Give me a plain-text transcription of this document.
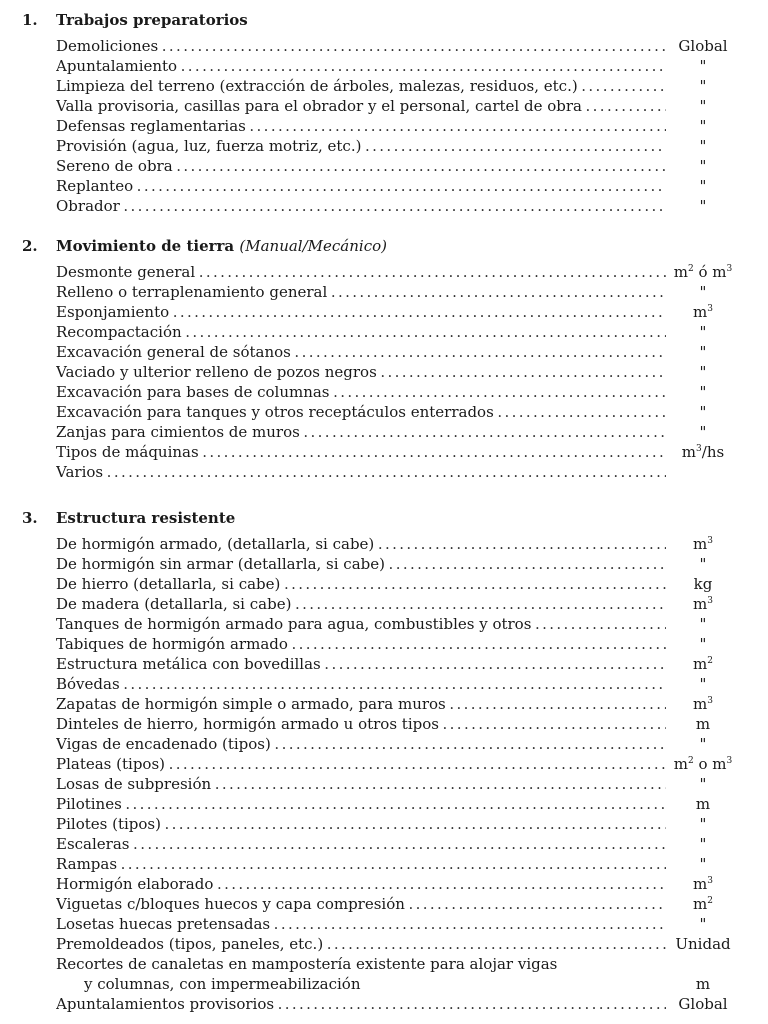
1. Trabajos preparatorios
Demoliciones . . .	Global
Apuntalamiento . . .	"
Limpieza del terreno (extracción de árboles, malezas, residuos, etc.) . . .	"
Valla provisoria, casillas para el obrador y el personal, cartel de obra . . .	"
Defensas reglamentarias . . .	"
Provisión (agua, luz, fuerza motriz, etc.) . . .	"
Sereno de obra . . .	"
Replanteo . . .	"
Obrador . . .	"
2. Movimiento de tierra (Manual/Mecánico)
Desmonte general . . .	$m^2$ ó $m^3$
Relleno o terraplenamiento general . . .	"
Esponjamiento . . .	$m^3$
Recompactación . . .	"
Excavación general de sótanos . . .	"
Vaciado y ulterior relleno de pozos negros . . .	"
Excavación para bases de columnas . . .	"
Excavación para tanques y otros receptáculos enterrados . . .	"
Zanjas para cimientos de muros . . .	"
Tipos de máquinas . . .	$m^3/hs$
Varios . . .
3. Estructura resistente
De hormigón armado, (detallarla, si cabe) . . .	$m^3$
De hormigón sin armar (detallarla, si cabe) . . .	"
De hierro (detallarla, si cabe) . . .	kg
De madera (detallarla, si cabe) . . .	$m^3$
Tanques de hormigón armado para agua, combustibles y otros . . .	"
Tabiques de hormigón armado . . .	"
Estructura metálica con bovedillas . . .	$m^2$
Bóvedas . . .	"
Zapatas de hormigón simple o armado, para muros . . .	$m^3$
Dinteles de hierro, hormigón armado u otros tipos . . .	m
Vigas de encadenado (tipos) . . .	"
Plateas (tipos) . . .	$m^2$ o $m^3$
Losas de subpresión . . .	"
Pilotines . . .	m
Pilotes (tipos) . . .	"
Escaleras . . .	"
Rampas . . .	"
Hormigón elaborado . . .	$m^3$
Viguetas c/bloques huecos y capa compresión . . .	$m^2$
Losetas huecas pretensadas . . .	"
Premoldeados (tipos, paneles, etc.) . . .	Unidad
Recortes de canaletas en mampostería existente para alojar vigas
y columnas, con impermeabilización	m
Apuntalamientos provisorios . . .	Global
